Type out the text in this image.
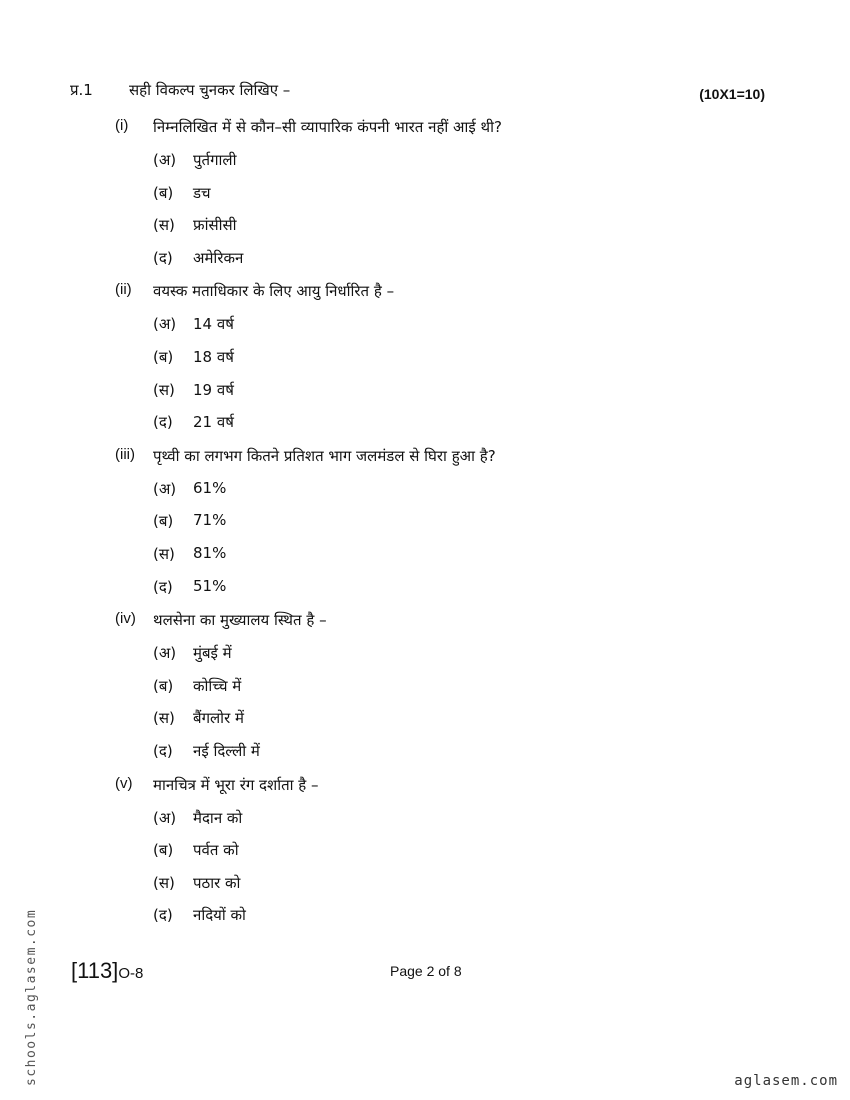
प्र.1 सही विकल्प चुनकर लिखिए –	(10X1=10)
(i) निम्नलिखित में से कौन–सी व्यापारिक कंपनी भारत नहीं आई थी?
(अ) पुर्तगाली
(ब) डच
(स) फ्रांसीसी
(द) अमेरिकन
(ii) वयस्क मताधिकार के लिए आयु निर्धारित है –
(अ) 14 वर्ष
(ब) 18 वर्ष
(स) 19 वर्ष
(द) 21 वर्ष
(iii) पृथ्वी का लगभग कितने प्रतिशत भाग जलमंडल से घिरा हुआ है?
(अ) 61%
(ब) 71%
(स) 81%
(द) 51%
(iv) थलसेना का मुख्यालय स्थित है –
(अ) मुंबई में
(ब) कोच्चि में
(स) बैंगलोर में
(द) नई दिल्ली में
(v) मानचित्र में भूरा रंग दर्शाता है –
(अ) मैदान को
(ब) पर्वत को
(स) पठार को
(द) नदियों को
[113]O-8	Page 2 of 8
schools.aglasem.com	aglasem.com
